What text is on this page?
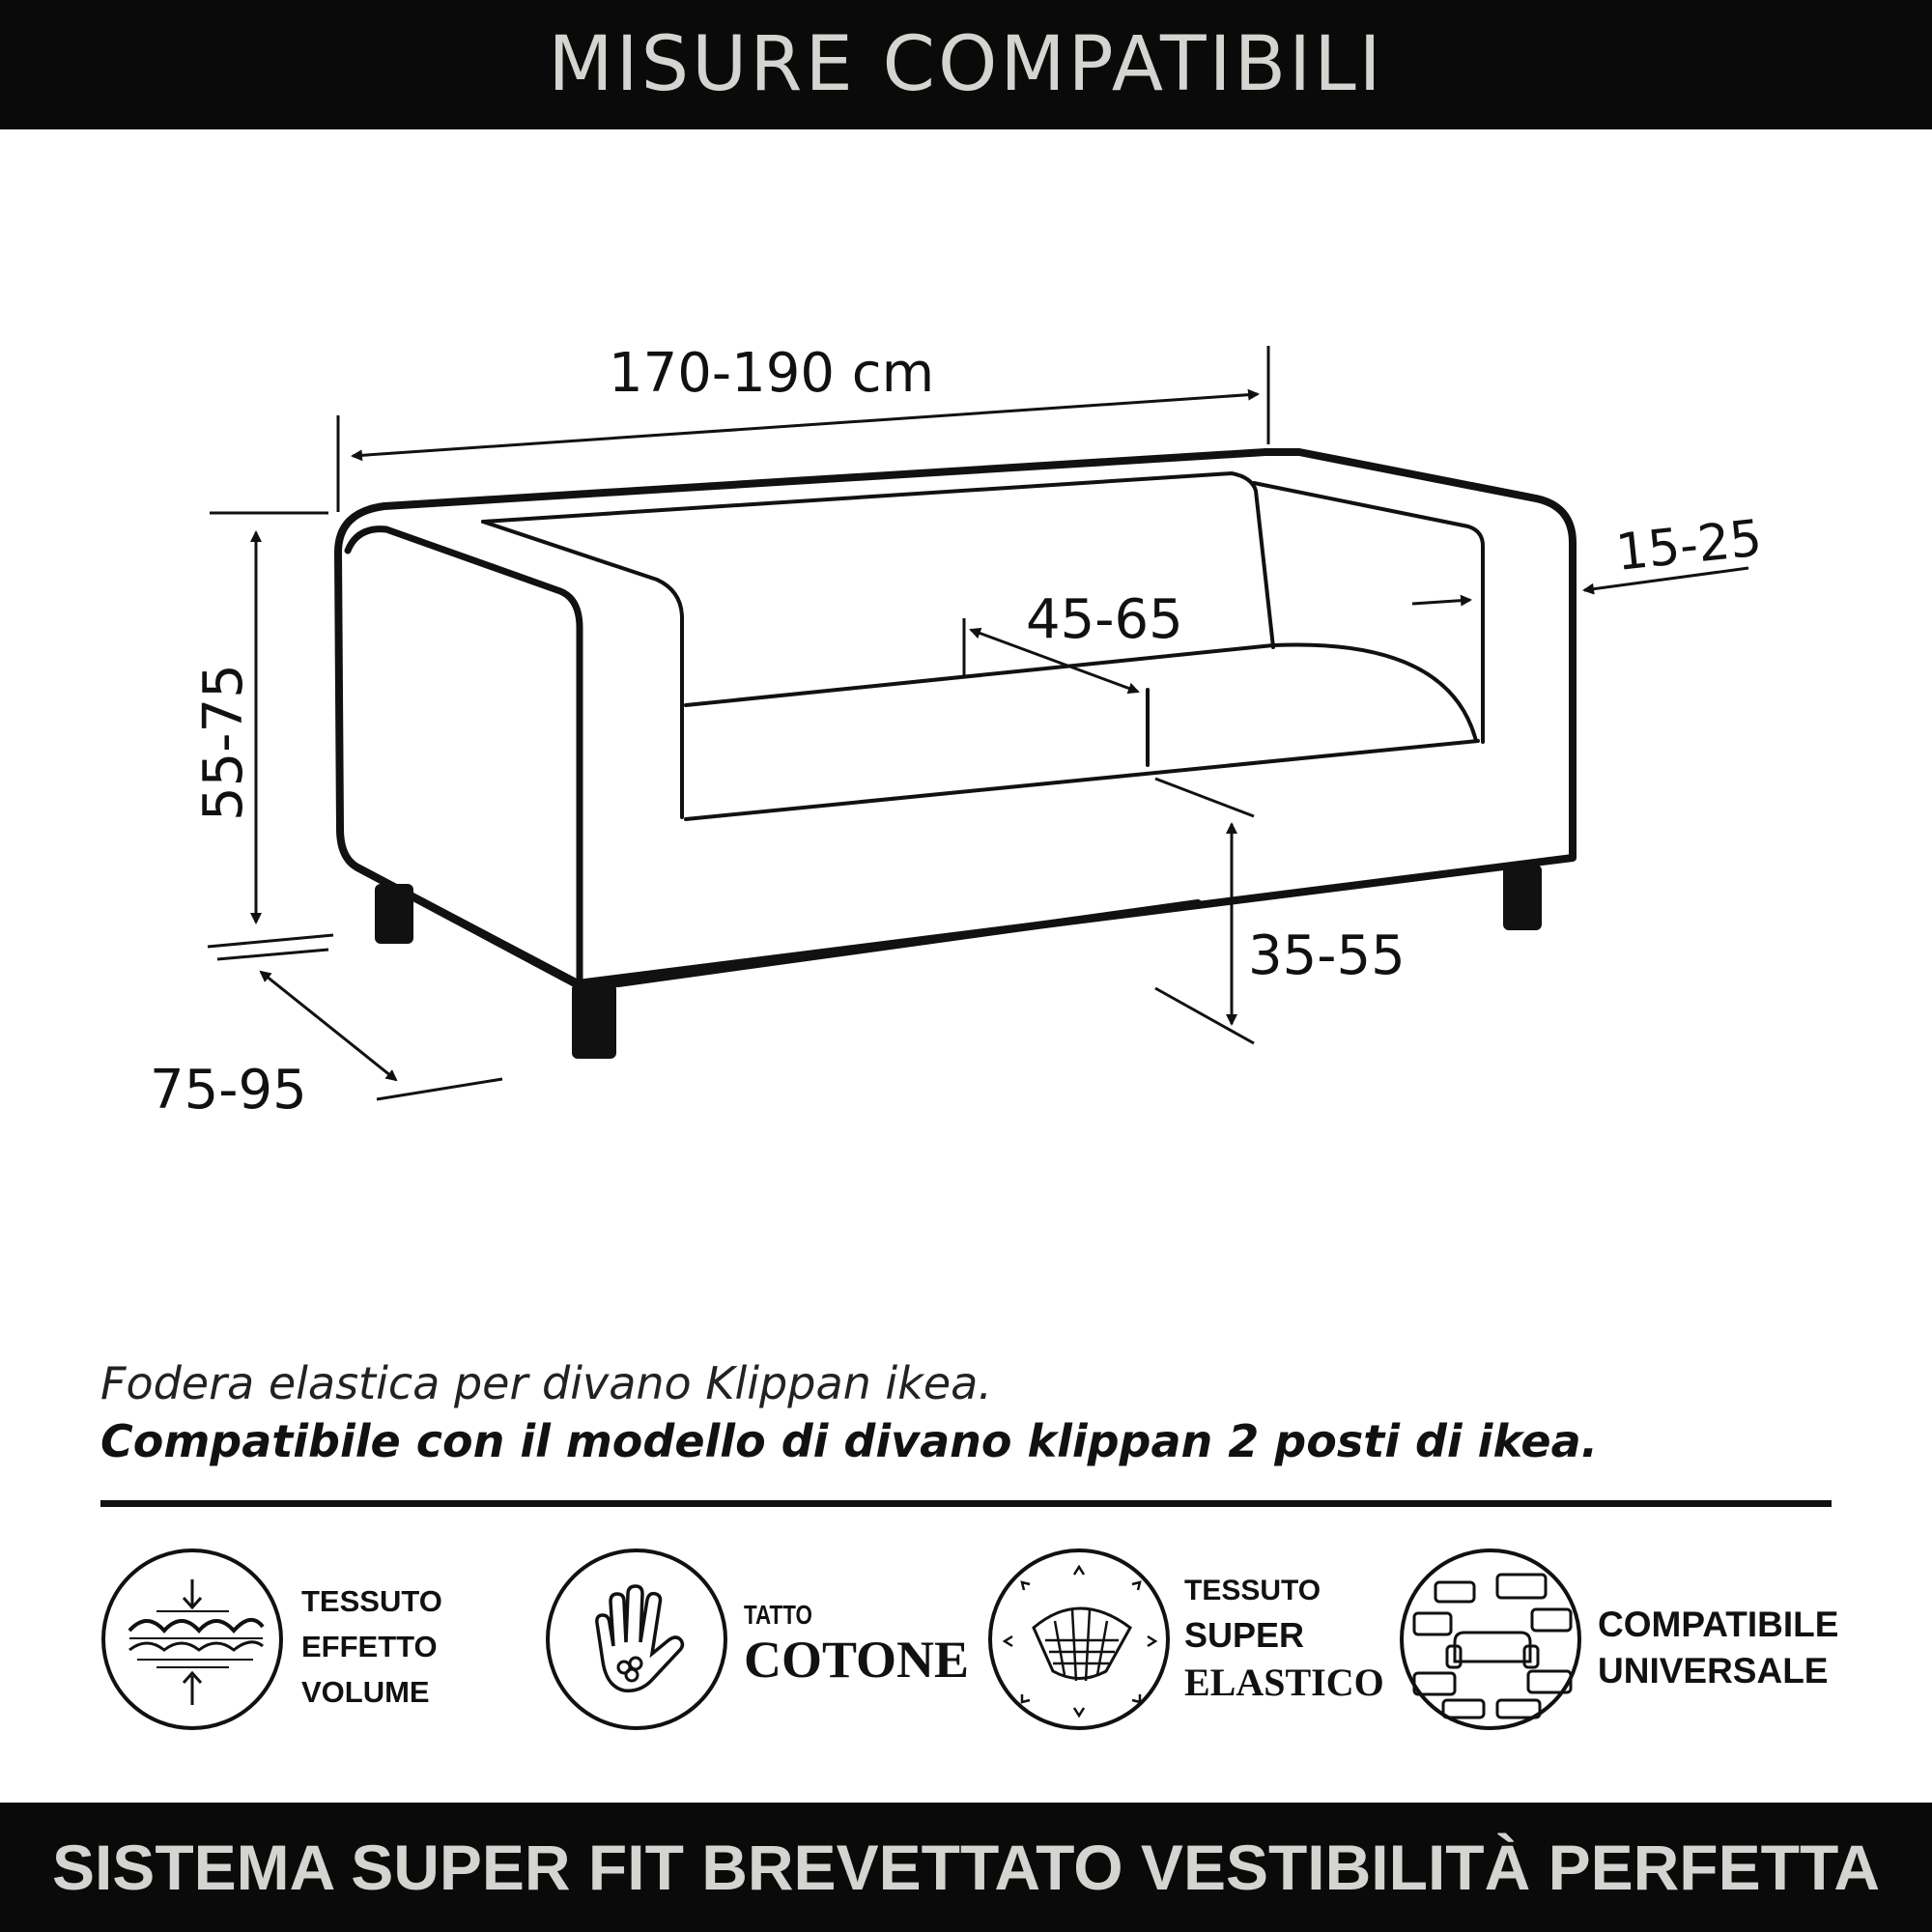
MISURE COMPATIBILI
170-190 cm
55-75
75-95
45-65
15-25
35-55
Fodera elastica per divano Klippan ikea.
Compatibile con il modello di divano klippan 2 posti di ikea.
TESSUTO
EFFETTO
VOLUME
TATTO
COTONE
TESSUTO
SUPER
ELASTICO
COMPATIBILE
UNIVERSALE
SISTEMA SUPER FIT BREVETTATO VESTIBILITÀ PERFETTA
